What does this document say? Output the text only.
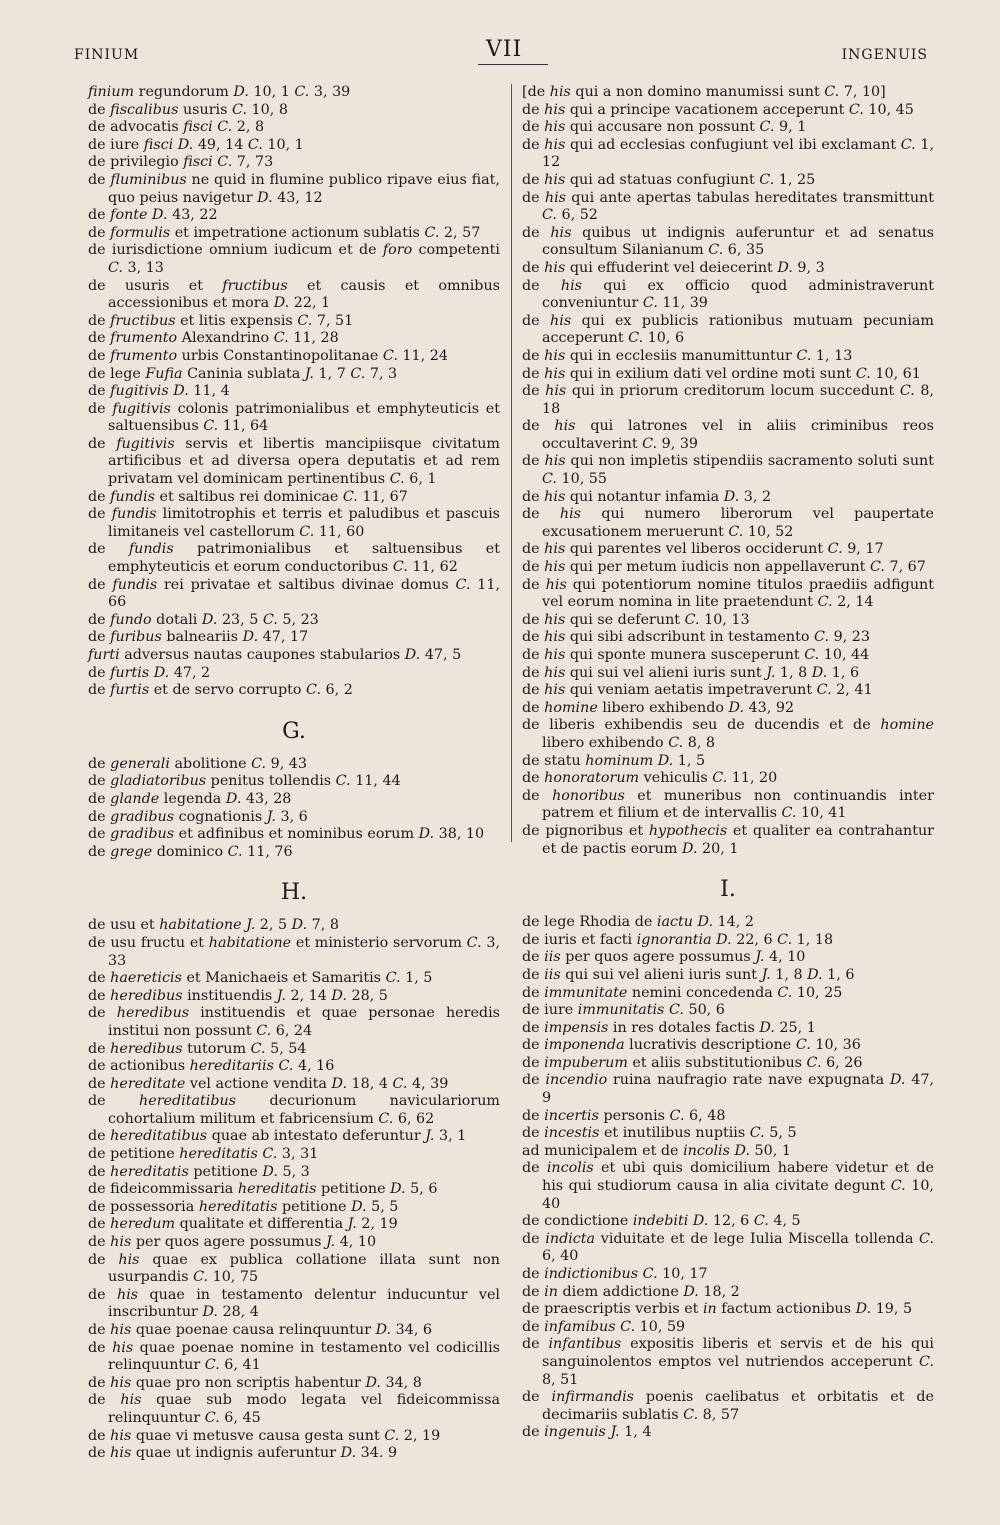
FINIUM	VII	INGENUIS
finium regundorum D. 10, 1 C. 3, 39
de fiscalibus usuris C. 10, 8
de advocatis fisci C. 2, 8
de iure fisci D. 49, 14 C. 10, 1
de privilegio fisci C. 7, 73
de fluminibus ne quid in flumine publico ripave eius fiat, quo peius navigetur D. 43, 12
de fonte D. 43, 22
de formulis et impetratione actionum sublatis C. 2, 57
de iurisdictione omnium iudicum et de foro competenti C. 3, 13
de usuris et fructibus et causis et omnibus accessionibus et mora D. 22, 1
de fructibus et litis expensis C. 7, 51
de frumento Alexandrino C. 11, 28
de frumento urbis Constantinopolitanae C. 11, 24
de lege Fufia Caninia sublata J. 1, 7 C. 7, 3
de fugitivis D. 11, 4
de fugitivis colonis patrimonialibus et emphyteuticis et saltuensibus C. 11, 64
de fugitivis servis et libertis mancipiisque civitatum artificibus et ad diversa opera deputatis et ad rem privatam vel dominicam pertinentibus C. 6, 1
de fundis et saltibus rei dominicae C. 11, 67
de fundis limitotrophis et terris et paludibus et pascuis limitaneis vel castellorum C. 11, 60
de fundis patrimonialibus et saltuensibus et emphyteuticis et eorum conductoribus C. 11, 62
de fundis rei privatae et saltibus divinae domus C. 11, 66
de fundo dotali D. 23, 5 C. 5, 23
de furibus balneariis D. 47, 17
furti adversus nautas caupones stabularios D. 47, 5
de furtis D. 47, 2
de furtis et de servo corrupto C. 6, 2
G.
de generali abolitione C. 9, 43
de gladiatoribus penitus tollendis C. 11, 44
de glande legenda D. 43, 28
de gradibus cognationis J. 3, 6
de gradibus et adfinibus et nominibus eorum D. 38, 10
de grege dominico C. 11, 76
H.
de usu et habitatione J. 2, 5 D. 7, 8
de usu fructu et habitatione et ministerio servorum C. 3, 33
de haereticis et Manichaeis et Samaritis C. 1, 5
de heredibus instituendis J. 2, 14 D. 28, 5
de heredibus instituendis et quae personae heredis institui non possunt C. 6, 24
de heredibus tutorum C. 5, 54
de actionibus hereditariis C. 4, 16
de hereditate vel actione vendita D. 18, 4 C. 4, 39
de hereditatibus decurionum naviculariorum cohortalium militum et fabricensium C. 6, 62
de hereditatibus quae ab intestato deferuntur J. 3, 1
de petitione hereditatis C. 3, 31
de hereditatis petitione D. 5, 3
de fideicommissaria hereditatis petitione D. 5, 6
de possessoria hereditatis petitione D. 5, 5
de heredum qualitate et differentia J. 2, 19
de his per quos agere possumus J. 4, 10
de his quae ex publica collatione illata sunt non usurpandis C. 10, 75
de his quae in testamento delentur inducuntur vel inscribuntur D. 28, 4
de his quae poenae causa relinquuntur D. 34, 6
de his quae poenae nomine in testamento vel codicillis relinquuntur C. 6, 41
de his quae pro non scriptis habentur D. 34, 8
de his quae sub modo legata vel fideicommissa relinquuntur C. 6, 45
de his quae vi metusve causa gesta sunt C. 2, 19
de his quae ut indignis auferuntur D. 34. 9
[de his qui a non domino manumissi sunt C. 7, 10]
de his qui a principe vacationem acceperunt C. 10, 45
de his qui accusare non possunt C. 9, 1
de his qui ad ecclesias confugiunt vel ibi exclamant C. 1, 12
de his qui ad statuas confugiunt C. 1, 25
de his qui ante apertas tabulas hereditates transmittunt C. 6, 52
de his quibus ut indignis auferuntur et ad senatus consultum Silanianum C. 6, 35
de his qui effuderint vel deiecerint D. 9, 3
de his qui ex officio quod administraverunt conveniuntur C. 11, 39
de his qui ex publicis rationibus mutuam pecuniam acceperunt C. 10, 6
de his qui in ecclesiis manumittuntur C. 1, 13
de his qui in exilium dati vel ordine moti sunt C. 10, 61
de his qui in priorum creditorum locum succedunt C. 8, 18
de his qui latrones vel in aliis criminibus reos occultaverint C. 9, 39
de his qui non impletis stipendiis sacramento soluti sunt C. 10, 55
de his qui notantur infamia D. 3, 2
de his qui numero liberorum vel paupertate excusationem meruerunt C. 10, 52
de his qui parentes vel liberos occiderunt C. 9, 17
de his qui per metum iudicis non appellaverunt C. 7, 67
de his qui potentiorum nomine titulos praediis adfigunt vel eorum nomina in lite praetendunt C. 2, 14
de his qui se deferunt C. 10, 13
de his qui sibi adscribunt in testamento C. 9, 23
de his qui sponte munera susceperunt C. 10, 44
de his qui sui vel alieni iuris sunt J. 1, 8 D. 1, 6
de his qui veniam aetatis impetraverunt C. 2, 41
de homine libero exhibendo D. 43, 92
de liberis exhibendis seu de ducendis et de homine libero exhibendo C. 8, 8
de statu hominum D. 1, 5
de honoratorum vehiculis C. 11, 20
de honoribus et muneribus non continuandis inter patrem et filium et de intervallis C. 10, 41
de pignoribus et hypothecis et qualiter ea contrahantur et de pactis eorum D. 20, 1
I.
de lege Rhodia de iactu D. 14, 2
de iuris et facti ignorantia D. 22, 6 C. 1, 18
de iis per quos agere possumus J. 4, 10
de iis qui sui vel alieni iuris sunt J. 1, 8 D. 1, 6
de immunitate nemini concedenda C. 10, 25
de iure immunitatis C. 50, 6
de impensis in res dotales factis D. 25, 1
de imponenda lucrativis descriptione C. 10, 36
de impuberum et aliis substitutionibus C. 6, 26
de incendio ruina naufragio rate nave expugnata D. 47, 9
de incertis personis C. 6, 48
de incestis et inutilibus nuptiis C. 5, 5
ad municipalem et de incolis D. 50, 1
de incolis et ubi quis domicilium habere videtur et de his qui studiorum causa in alia civitate degunt C. 10, 40
de condictione indebiti D. 12, 6 C. 4, 5
de indicta viduitate et de lege Iulia Miscella tollenda C. 6, 40
de indictionibus C. 10, 17
de in diem addictione D. 18, 2
de praescriptis verbis et in factum actionibus D. 19, 5
de infamibus C. 10, 59
de infantibus expositis liberis et servis et de his qui sanguinolentos emptos vel nutriendos acceperunt C. 8, 51
de infirmandis poenis caelibatus et orbitatis et de decimariis sublatis C. 8, 57
de ingenuis J. 1, 4
